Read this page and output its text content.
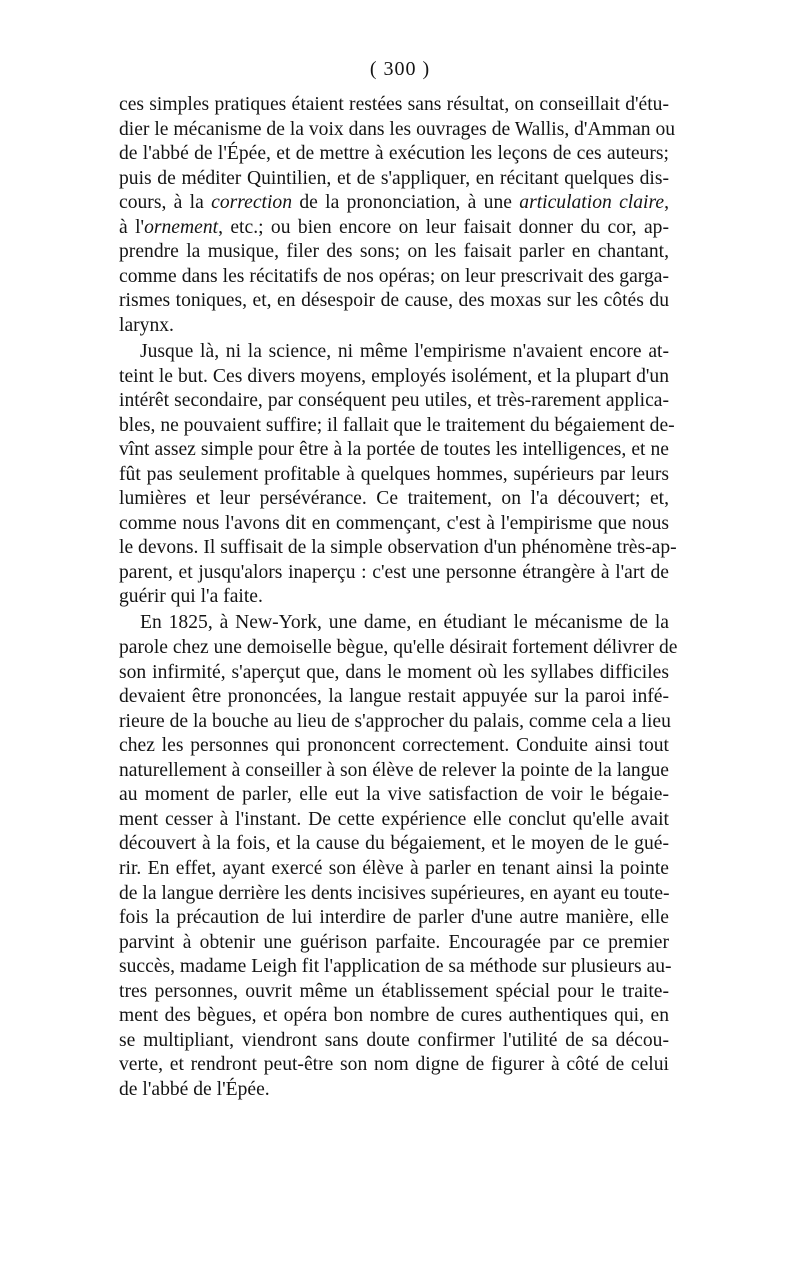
( 300 )

ces simples pratiques étaient restées sans résultat, on conseillait d'étu-
dier le mécanisme de la voix dans les ouvrages de Wallis, d'Amman ou
de l'abbé de l'Épée, et de mettre à exécution les leçons de ces auteurs;
puis de méditer Quintilien, et de s'appliquer, en récitant quelques dis-
cours, à la correction de la prononciation, à une articulation claire,
à l'ornement, etc.; ou bien encore on leur faisait donner du cor, ap-
prendre la musique, filer des sons; on les faisait parler en chantant,
comme dans les récitatifs de nos opéras; on leur prescrivait des garga-
rismes toniques, et, en désespoir de cause, des moxas sur les côtés du
larynx.
Jusque là, ni la science, ni même l'empirisme n'avaient encore at-
teint le but. Ces divers moyens, employés isolément, et la plupart d'un
intérêt secondaire, par conséquent peu utiles, et très-rarement applica-
bles, ne pouvaient suffire; il fallait que le traitement du bégaiement de-
vînt assez simple pour être à la portée de toutes les intelligences, et ne
fût pas seulement profitable à quelques hommes, supérieurs par leurs
lumières et leur persévérance. Ce traitement, on l'a découvert; et,
comme nous l'avons dit en commençant, c'est à l'empirisme que nous
le devons. Il suffisait de la simple observation d'un phénomène très-ap-
parent, et jusqu'alors inaperçu : c'est une personne étrangère à l'art de
guérir qui l'a faite.
En 1825, à New-York, une dame, en étudiant le mécanisme de la
parole chez une demoiselle bègue, qu'elle désirait fortement délivrer de
son infirmité, s'aperçut que, dans le moment où les syllabes difficiles
devaient être prononcées, la langue restait appuyée sur la paroi infé-
rieure de la bouche au lieu de s'approcher du palais, comme cela a lieu
chez les personnes qui prononcent correctement. Conduite ainsi tout
naturellement à conseiller à son élève de relever la pointe de la langue
au moment de parler, elle eut la vive satisfaction de voir le bégaie-
ment cesser à l'instant. De cette expérience elle conclut qu'elle avait
découvert à la fois, et la cause du bégaiement, et le moyen de le gué-
rir. En effet, ayant exercé son élève à parler en tenant ainsi la pointe
de la langue derrière les dents incisives supérieures, en ayant eu toute-
fois la précaution de lui interdire de parler d'une autre manière, elle
parvint à obtenir une guérison parfaite. Encouragée par ce premier
succès, madame Leigh fit l'application de sa méthode sur plusieurs au-
tres personnes, ouvrit même un établissement spécial pour le traite-
ment des bègues, et opéra bon nombre de cures authentiques qui, en
se multipliant, viendront sans doute confirmer l'utilité de sa décou-
verte, et rendront peut-être son nom digne de figurer à côté de celui
de l'abbé de l'Épée.
